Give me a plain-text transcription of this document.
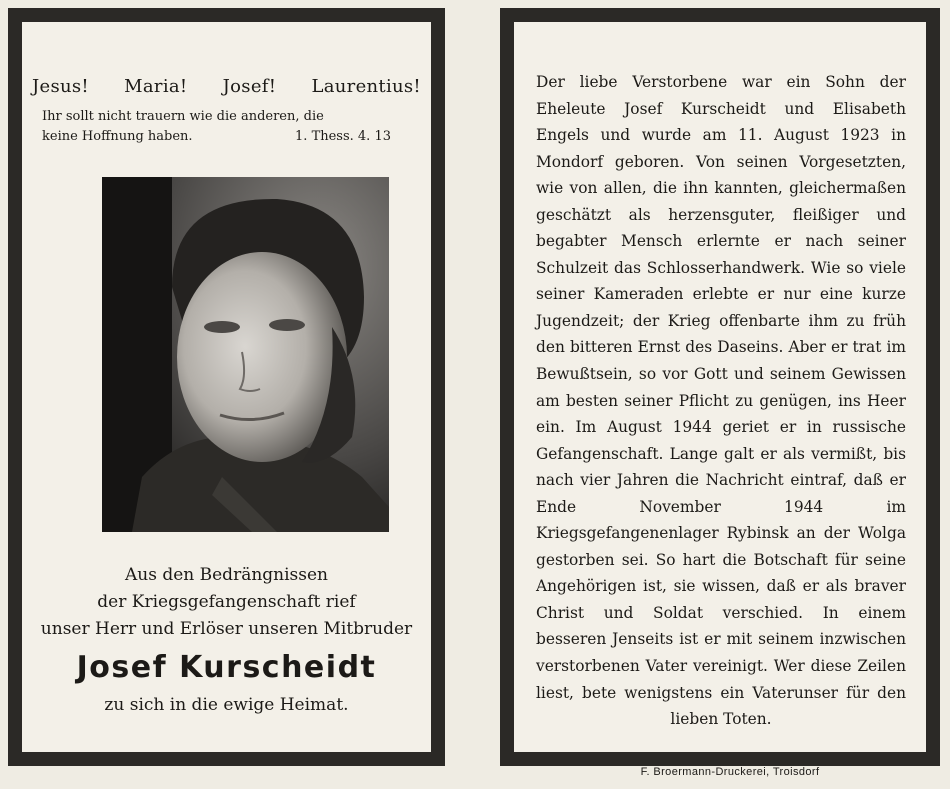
Jesus! Maria! Josef! Laurentius!
Ihr sollt nicht trauern wie die anderen, die
keine Hoffnung haben.	1. Thess. 4. 13
Aus den Bedrängnissen
der Kriegsgefangenschaft rief
unser Herr und Erlöser unseren Mitbruder
Josef Kurscheidt
zu sich in die ewige Heimat.
Der liebe Verstorbene war ein Sohn der Eheleute Josef Kurscheidt und Elisabeth Engels und wurde am 11. August 1923 in Mondorf geboren. Von seinen Vorgesetzten, wie von allen, die ihn kannten, gleichermaßen geschätzt als herzensguter, fleißiger und begabter Mensch erlernte er nach seiner Schulzeit das Schlosserhandwerk. Wie so viele seiner Kameraden erlebte er nur eine kurze Jugendzeit; der Krieg offenbarte ihm zu früh den bitteren Ernst des Daseins. Aber er trat im Bewußtsein, so vor Gott und seinem Gewissen am besten seiner Pflicht zu genügen, ins Heer ein. Im August 1944 geriet er in russische Gefangenschaft. Lange galt er als vermißt, bis nach vier Jahren die Nachricht eintraf, daß er Ende November 1944 im Kriegsgefangenenlager Rybinsk an der Wolga gestorben sei. So hart die Botschaft für seine Angehörigen ist, sie wissen, daß er als braver Christ und Soldat verschied. In einem besseren Jenseits ist er mit seinem inzwischen verstorbenen Vater vereinigt. Wer diese Zeilen liest, bete wenigstens ein Vaterunser für den lieben Toten.
F. Broermann-Druckerei, Troisdorf
